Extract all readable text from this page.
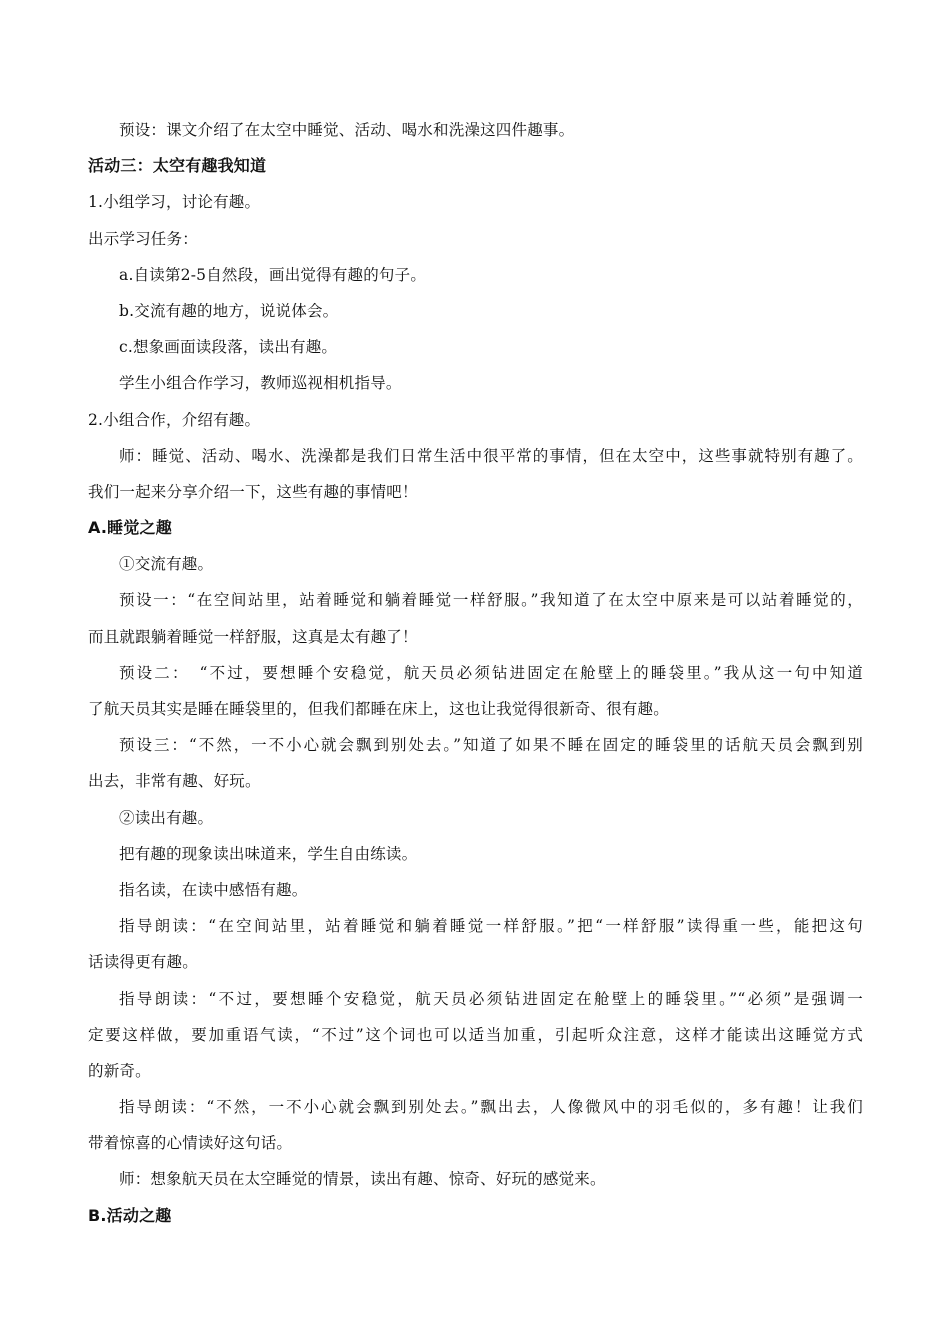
预设：课文介绍了在太空中睡觉、活动、喝水和洗澡这四件趣事。
活动三：太空有趣我知道
1.小组学习，讨论有趣。
出示学习任务：
a.自读第2-5自然段，画出觉得有趣的句子。
b.交流有趣的地方，说说体会。
c.想象画面读段落，读出有趣。
学生小组合作学习，教师巡视相机指导。
2.小组合作，介绍有趣。
师：睡觉、活动、喝水、洗澡都是我们日常生活中很平常的事情，但在太空中，这些事就特别有趣了。
我们一起来分享介绍一下，这些有趣的事情吧！
A.睡觉之趣
①交流有趣。
预设一：“在空间站里，站着睡觉和躺着睡觉一样舒服。”我知道了在太空中原来是可以站着睡觉的，
而且就跟躺着睡觉一样舒服，这真是太有趣了！
预设二：　“不过，要想睡个安稳觉，航天员必须钻进固定在舱壁上的睡袋里。”我从这一句中知道
了航天员其实是睡在睡袋里的，但我们都睡在床上，这也让我觉得很新奇、很有趣。
预设三：“不然，一不小心就会飘到别处去。”知道了如果不睡在固定的睡袋里的话航天员会飘到别
出去，非常有趣、好玩。
②读出有趣。
把有趣的现象读出味道来，学生自由练读。
指名读，在读中感悟有趣。
指导朗读：“在空间站里，站着睡觉和躺着睡觉一样舒服。”把“一样舒服”读得重一些，能把这句
话读得更有趣。
指导朗读：“不过，要想睡个安稳觉，航天员必须钻进固定在舱壁上的睡袋里。”“必须”是强调一
定要这样做，要加重语气读，“不过”这个词也可以适当加重，引起听众注意，这样才能读出这睡觉方式
的新奇。
指导朗读：“不然，一不小心就会飘到别处去。”飘出去，人像微风中的羽毛似的，多有趣！让我们
带着惊喜的心情读好这句话。
师：想象航天员在太空睡觉的情景，读出有趣、惊奇、好玩的感觉来。
B.活动之趣
